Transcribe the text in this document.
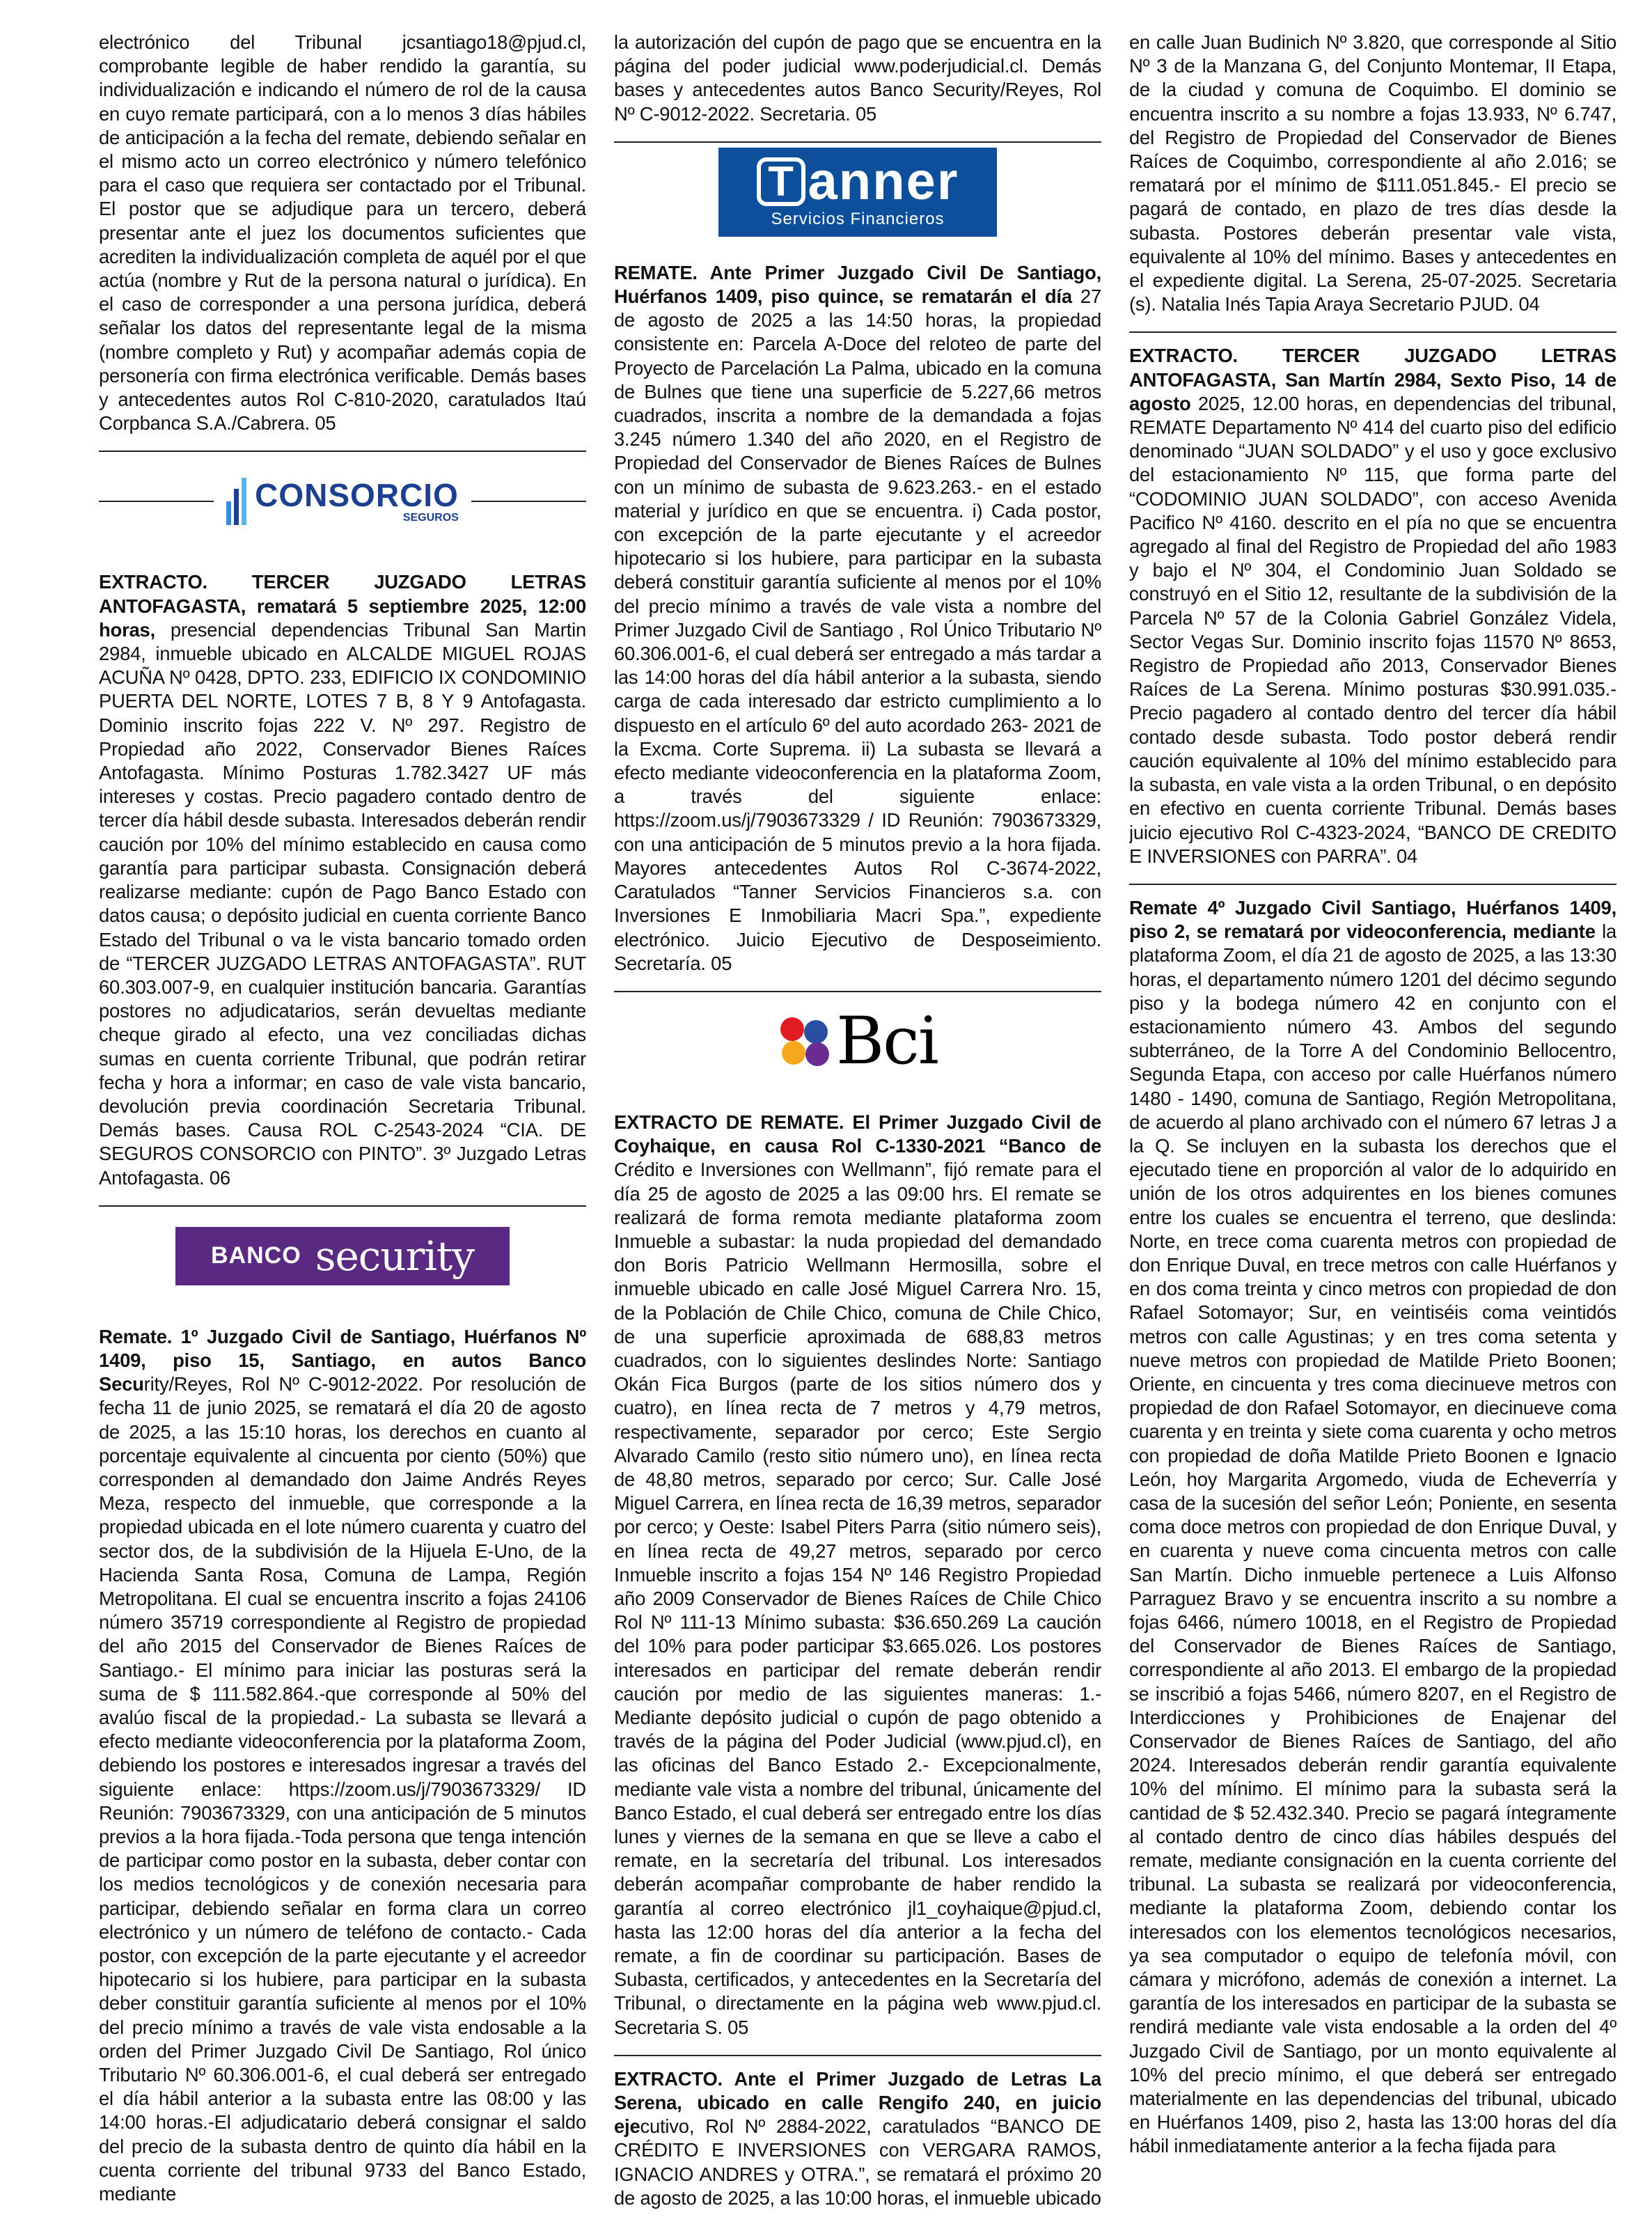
electrónico del Tribunal jcsantiago18@pjud.cl, comprobante legible de haber rendido la garantía, su individualización e indicando el número de rol de la causa en cuyo remate participará, con a lo menos 3 días hábiles de anticipación a la fecha del remate, debiendo señalar en el mismo acto un correo electrónico y número telefónico para el caso que requiera ser contactado por el Tribunal. El postor que se adjudique para un tercero, deberá presentar ante el juez los documentos suficientes que acrediten la individualización completa de aquél por el que actúa (nombre y Rut de la persona natural o jurídica). En el caso de corresponder a una persona jurídica, deberá señalar los datos del representante legal de la misma (nombre completo y Rut) y acompañar además copia de personería con firma electrónica verificable. Demás bases y antecedentes autos Rol C-810-2020, caratulados Itaú Corpbanca S.A./Cabrera. 05

CONSORCIO
SEGUROS

EXTRACTO. TERCER JUZGADO LETRAS ANTOFAGASTA, rematará 5 septiembre 2025, 12:00 horas, presencial dependencias Tribunal San Martin 2984, inmueble ubicado en ALCALDE MIGUEL ROJAS ACUÑA Nº 0428, DPTO. 233, EDIFICIO IX CONDOMINIO PUERTA DEL NORTE, LOTES 7 B, 8 Y 9 Antofagasta. Dominio inscrito fojas 222 V. Nº 297. Registro de Propiedad año 2022, Conservador Bienes Raíces Antofagasta. Mínimo Posturas 1.782.3427 UF más intereses y costas. Precio pagadero contado dentro de tercer día hábil desde subasta. Interesados deberán rendir caución por 10% del mínimo establecido en causa como garantía para participar subasta. Consignación deberá realizarse mediante: cupón de Pago Banco Estado con datos causa; o depósito judicial en cuenta corriente Banco Estado del Tribunal o va le vista bancario tomado orden de “TERCER JUZGADO LETRAS ANTOFAGASTA”. RUT 60.303.007-9, en cualquier institución bancaria. Garantías postores no adjudicatarios, serán devueltas mediante cheque girado al efecto, una vez conciliadas dichas sumas en cuenta corriente Tribunal, que podrán retirar fecha y hora a informar; en caso de vale vista bancario, devolución previa coordinación Secretaria Tribunal. Demás bases. Causa ROL C-2543-2024 “CIA. DE SEGUROS CONSORCIO con PINTO”. 3º Juzgado Letras Antofagasta. 06

BANCO security

Remate. 1º Juzgado Civil de Santiago, Huérfanos Nº 1409, piso 15, Santiago, en autos Banco Security/Reyes, Rol Nº C-9012-2022. Por resolución de fecha 11 de junio 2025, se rematará el día 20 de agosto de 2025, a las 15:10 horas, los derechos en cuanto al porcentaje equivalente al cincuenta por ciento (50%) que corresponden al demandado don Jaime Andrés Reyes Meza, respecto del inmueble, que corresponde a la propiedad ubicada en el lote número cuarenta y cuatro del sector dos, de la subdivisión de la Hijuela E-Uno, de la Hacienda Santa Rosa, Comuna de Lampa, Región Metropolitana. El cual se encuentra inscrito a fojas 24106 número 35719 correspondiente al Registro de propiedad del año 2015 del Conservador de Bienes Raíces de Santiago.- El mínimo para iniciar las posturas será la suma de $ 111.582.864.-que corresponde al 50% del avalúo fiscal de la propiedad.- La subasta se llevará a efecto mediante videoconferencia por la plataforma Zoom, debiendo los postores e interesados ingresar a través del siguiente enlace: https://zoom.us/j/7903673329/ ID Reunión: 7903673329, con una anticipación de 5 minutos previos a la hora fijada.-Toda persona que tenga intención de participar como postor en la subasta, deber contar con los medios tecnológicos y de conexión necesaria para participar, debiendo señalar en forma clara un correo electrónico y un número de teléfono de contacto.- Cada postor, con excepción de la parte ejecutante y el acreedor hipotecario si los hubiere, para participar en la subasta deber constituir garantía suficiente al menos por el 10% del precio mínimo a través de vale vista endosable a la orden del Primer Juzgado Civil De Santiago, Rol único Tributario Nº 60.306.001-6, el cual deberá ser entregado el día hábil anterior a la subasta entre las 08:00 y las 14:00 horas.-El adjudicatario deberá consignar el saldo del precio de la subasta dentro de quinto día hábil en la cuenta corriente del tribunal 9733 del Banco Estado, mediante

la autorización del cupón de pago que se encuentra en la página del poder judicial www.poderjudicial.cl. Demás bases y antecedentes autos Banco Security/Reyes, Rol Nº C-9012-2022. Secretaria. 05

T anner
Servicios Financieros

REMATE. Ante Primer Juzgado Civil De Santiago, Huérfanos 1409, piso quince, se rematarán el día 27 de agosto de 2025 a las 14:50 horas, la propiedad consistente en: Parcela A-Doce del reloteo de parte del Proyecto de Parcelación La Palma, ubicado en la comuna de Bulnes que tiene una superficie de 5.227,66 metros cuadrados, inscrita a nombre de la demandada a fojas 3.245 número 1.340 del año 2020, en el Registro de Propiedad del Conservador de Bienes Raíces de Bulnes con un mínimo de subasta de 9.623.263.- en el estado material y jurídico en que se encuentra. i) Cada postor, con excepción de la parte ejecutante y el acreedor hipotecario si los hubiere, para participar en la subasta deberá constituir garantía suficiente al menos por el 10% del precio mínimo a través de vale vista a nombre del Primer Juzgado Civil de Santiago , Rol Único Tributario Nº 60.306.001-6, el cual deberá ser entregado a más tardar a las 14:00 horas del día hábil anterior a la subasta, siendo carga de cada interesado dar estricto cumplimiento a lo dispuesto en el artículo 6º del auto acordado 263- 2021 de la Excma. Corte Suprema. ii) La subasta se llevará a efecto mediante videoconferencia en la plataforma Zoom, a través del siguiente enlace: https://zoom.us/j/7903673329 / ID Reunión: 7903673329, con una anticipación de 5 minutos previo a la hora fijada. Mayores antecedentes Autos Rol C-3674-2022, Caratulados “Tanner Servicios Financieros s.a. con Inversiones E Inmobiliaria Macri Spa.”, expediente electrónico. Juicio Ejecutivo de Desposeimiento. Secretaría. 05

Bci

EXTRACTO DE REMATE. El Primer Juzgado Civil de Coyhaique, en causa Rol C-1330-2021 “Banco de Crédito e Inversiones con Wellmann”, fijó remate para el día 25 de agosto de 2025 a las 09:00 hrs. El remate se realizará de forma remota mediante plataforma zoom Inmueble a subastar: la nuda propiedad del demandado don Boris Patricio Wellmann Hermosilla, sobre el inmueble ubicado en calle José Miguel Carrera Nro. 15, de la Población de Chile Chico, comuna de Chile Chico, de una superficie aproximada de 688,83 metros cuadrados, con lo siguientes deslindes Norte: Santiago Okán Fica Burgos (parte de los sitios número dos y cuatro), en línea recta de 7 metros y 4,79 metros, respectivamente, separador por cerco; Este Sergio Alvarado Camilo (resto sitio número uno), en línea recta de 48,80 metros, separado por cerco; Sur. Calle José Miguel Carrera, en línea recta de 16,39 metros, separador por cerco; y Oeste: Isabel Piters Parra (sitio número seis), en línea recta de 49,27 metros, separado por cerco Inmueble inscrito a fojas 154 Nº 146 Registro Propiedad año 2009 Conservador de Bienes Raíces de Chile Chico Rol Nº 111-13 Mínimo subasta: $36.650.269 La caución del 10% para poder participar $3.665.026. Los postores interesados en participar del remate deberán rendir caución por medio de las siguientes maneras: 1.- Mediante depósito judicial o cupón de pago obtenido a través de la página del Poder Judicial (www.pjud.cl), en las oficinas del Banco Estado 2.- Excepcionalmente, mediante vale vista a nombre del tribunal, únicamente del Banco Estado, el cual deberá ser entregado entre los días lunes y viernes de la semana en que se lleve a cabo el remate, en la secretaría del tribunal. Los interesados deberán acompañar comprobante de haber rendido la garantía al correo electrónico jl1_coyhaique@pjud.cl, hasta las 12:00 horas del día anterior a la fecha del remate, a fin de coordinar su participación. Bases de Subasta, certificados, y antecedentes en la Secretaría del Tribunal, o directamente en la página web www.pjud.cl. Secretaria S. 05

EXTRACTO. Ante el Primer Juzgado de Letras La Serena, ubicado en calle Rengifo 240, en juicio ejecutivo, Rol Nº 2884-2022, caratulados “BANCO DE CRÉDITO E INVERSIONES con VERGARA RAMOS, IGNACIO ANDRES y OTRA.”, se rematará el próximo 20 de agosto de 2025, a las 10:00 horas, el inmueble ubicado

en calle Juan Budinich Nº 3.820, que corresponde al Sitio Nº 3 de la Manzana G, del Conjunto Montemar, II Etapa, de la ciudad y comuna de Coquimbo. El dominio se encuentra inscrito a su nombre a fojas 13.933, Nº 6.747, del Registro de Propiedad del Conservador de Bienes Raíces de Coquimbo, correspondiente al año 2.016; se rematará por el mínimo de $111.051.845.- El precio se pagará de contado, en plazo de tres días desde la subasta. Postores deberán presentar vale vista, equivalente al 10% del mínimo. Bases y antecedentes en el expediente digital. La Serena, 25-07-2025. Secretaria (s). Natalia Inés Tapia Araya Secretario PJUD. 04

EXTRACTO. TERCER JUZGADO LETRAS ANTOFAGASTA, San Martín 2984, Sexto Piso, 14 de agosto 2025, 12.00 horas, en dependencias del tribunal, REMATE Departamento Nº 414 del cuarto piso del edificio denominado “JUAN SOLDADO” y el uso y goce exclusivo del estacionamiento Nº 115, que forma parte del “CODOMINIO JUAN SOLDADO”, con acceso Avenida Pacifico Nº 4160. descrito en el pía no que se encuentra agregado al final del Registro de Propiedad del año 1983 y bajo el Nº 304, el Condominio Juan Soldado se construyó en el Sitio 12, resultante de la subdivisión de la Parcela Nº 57 de la Colonia Gabriel González Videla, Sector Vegas Sur. Dominio inscrito fojas 11570 Nº 8653, Registro de Propiedad año 2013, Conservador Bienes Raíces de La Serena. Mínimo posturas $30.991.035.-Precio pagadero al contado dentro del tercer día hábil contado desde subasta. Todo postor deberá rendir caución equivalente al 10% del mínimo establecido para la subasta, en vale vista a la orden Tribunal, o en depósito en efectivo en cuenta corriente Tribunal. Demás bases juicio ejecutivo Rol C-4323-2024, “BANCO DE CREDITO E INVERSIONES con PARRA”. 04

Remate 4º Juzgado Civil Santiago, Huérfanos 1409, piso 2, se rematará por videoconferencia, mediante la plataforma Zoom, el día 21 de agosto de 2025, a las 13:30 horas, el departamento número 1201 del décimo segundo piso y la bodega número 42 en conjunto con el estacionamiento número 43. Ambos del segundo subterráneo, de la Torre A del Condominio Bellocentro, Segunda Etapa, con acceso por calle Huérfanos número 1480 - 1490, comuna de Santiago, Región Metropolitana, de acuerdo al plano archivado con el número 67 letras J a la Q. Se incluyen en la subasta los derechos que el ejecutado tiene en proporción al valor de lo adquirido en unión de los otros adquirentes en los bienes comunes entre los cuales se encuentra el terreno, que deslinda: Norte, en trece coma cuarenta metros con propiedad de don Enrique Duval, en trece metros con calle Huérfanos y en dos coma treinta y cinco metros con propiedad de don Rafael Sotomayor; Sur, en veintiséis coma veintidós metros con calle Agustinas; y en tres coma setenta y nueve metros con propiedad de Matilde Prieto Boonen; Oriente, en cincuenta y tres coma diecinueve metros con propiedad de don Rafael Sotomayor, en diecinueve coma cuarenta y en treinta y siete coma cuarenta y ocho metros con propiedad de doña Matilde Prieto Boonen e Ignacio León, hoy Margarita Argomedo, viuda de Echeverría y casa de la sucesión del señor León; Poniente, en sesenta coma doce metros con propiedad de don Enrique Duval, y en cuarenta y nueve coma cincuenta metros con calle San Martín. Dicho inmueble pertenece a Luis Alfonso Parraguez Bravo y se encuentra inscrito a su nombre a fojas 6466, número 10018, en el Registro de Propiedad del Conservador de Bienes Raíces de Santiago, correspondiente al año 2013. El embargo de la propiedad se inscribió a fojas 5466, número 8207, en el Registro de Interdicciones y Prohibiciones de Enajenar del Conservador de Bienes Raíces de Santiago, del año 2024. Interesados deberán rendir garantía equivalente 10% del mínimo. El mínimo para la subasta será la cantidad de $ 52.432.340. Precio se pagará íntegramente al contado dentro de cinco días hábiles después del remate, mediante consignación en la cuenta corriente del tribunal. La subasta se realizará por videoconferencia, mediante la plataforma Zoom, debiendo contar los interesados con los elementos tecnológicos necesarios, ya sea computador o equipo de telefonía móvil, con cámara y micrófono, además de conexión a internet. La garantía de los interesados en participar de la subasta se rendirá mediante vale vista endosable a la orden del 4º Juzgado Civil de Santiago, por un monto equivalente al 10% del precio mínimo, el que deberá ser entregado materialmente en las dependencias del tribunal, ubicado en Huérfanos 1409, piso 2, hasta las 13:00 horas del día hábil inmediatamente anterior a la fecha fijada para
